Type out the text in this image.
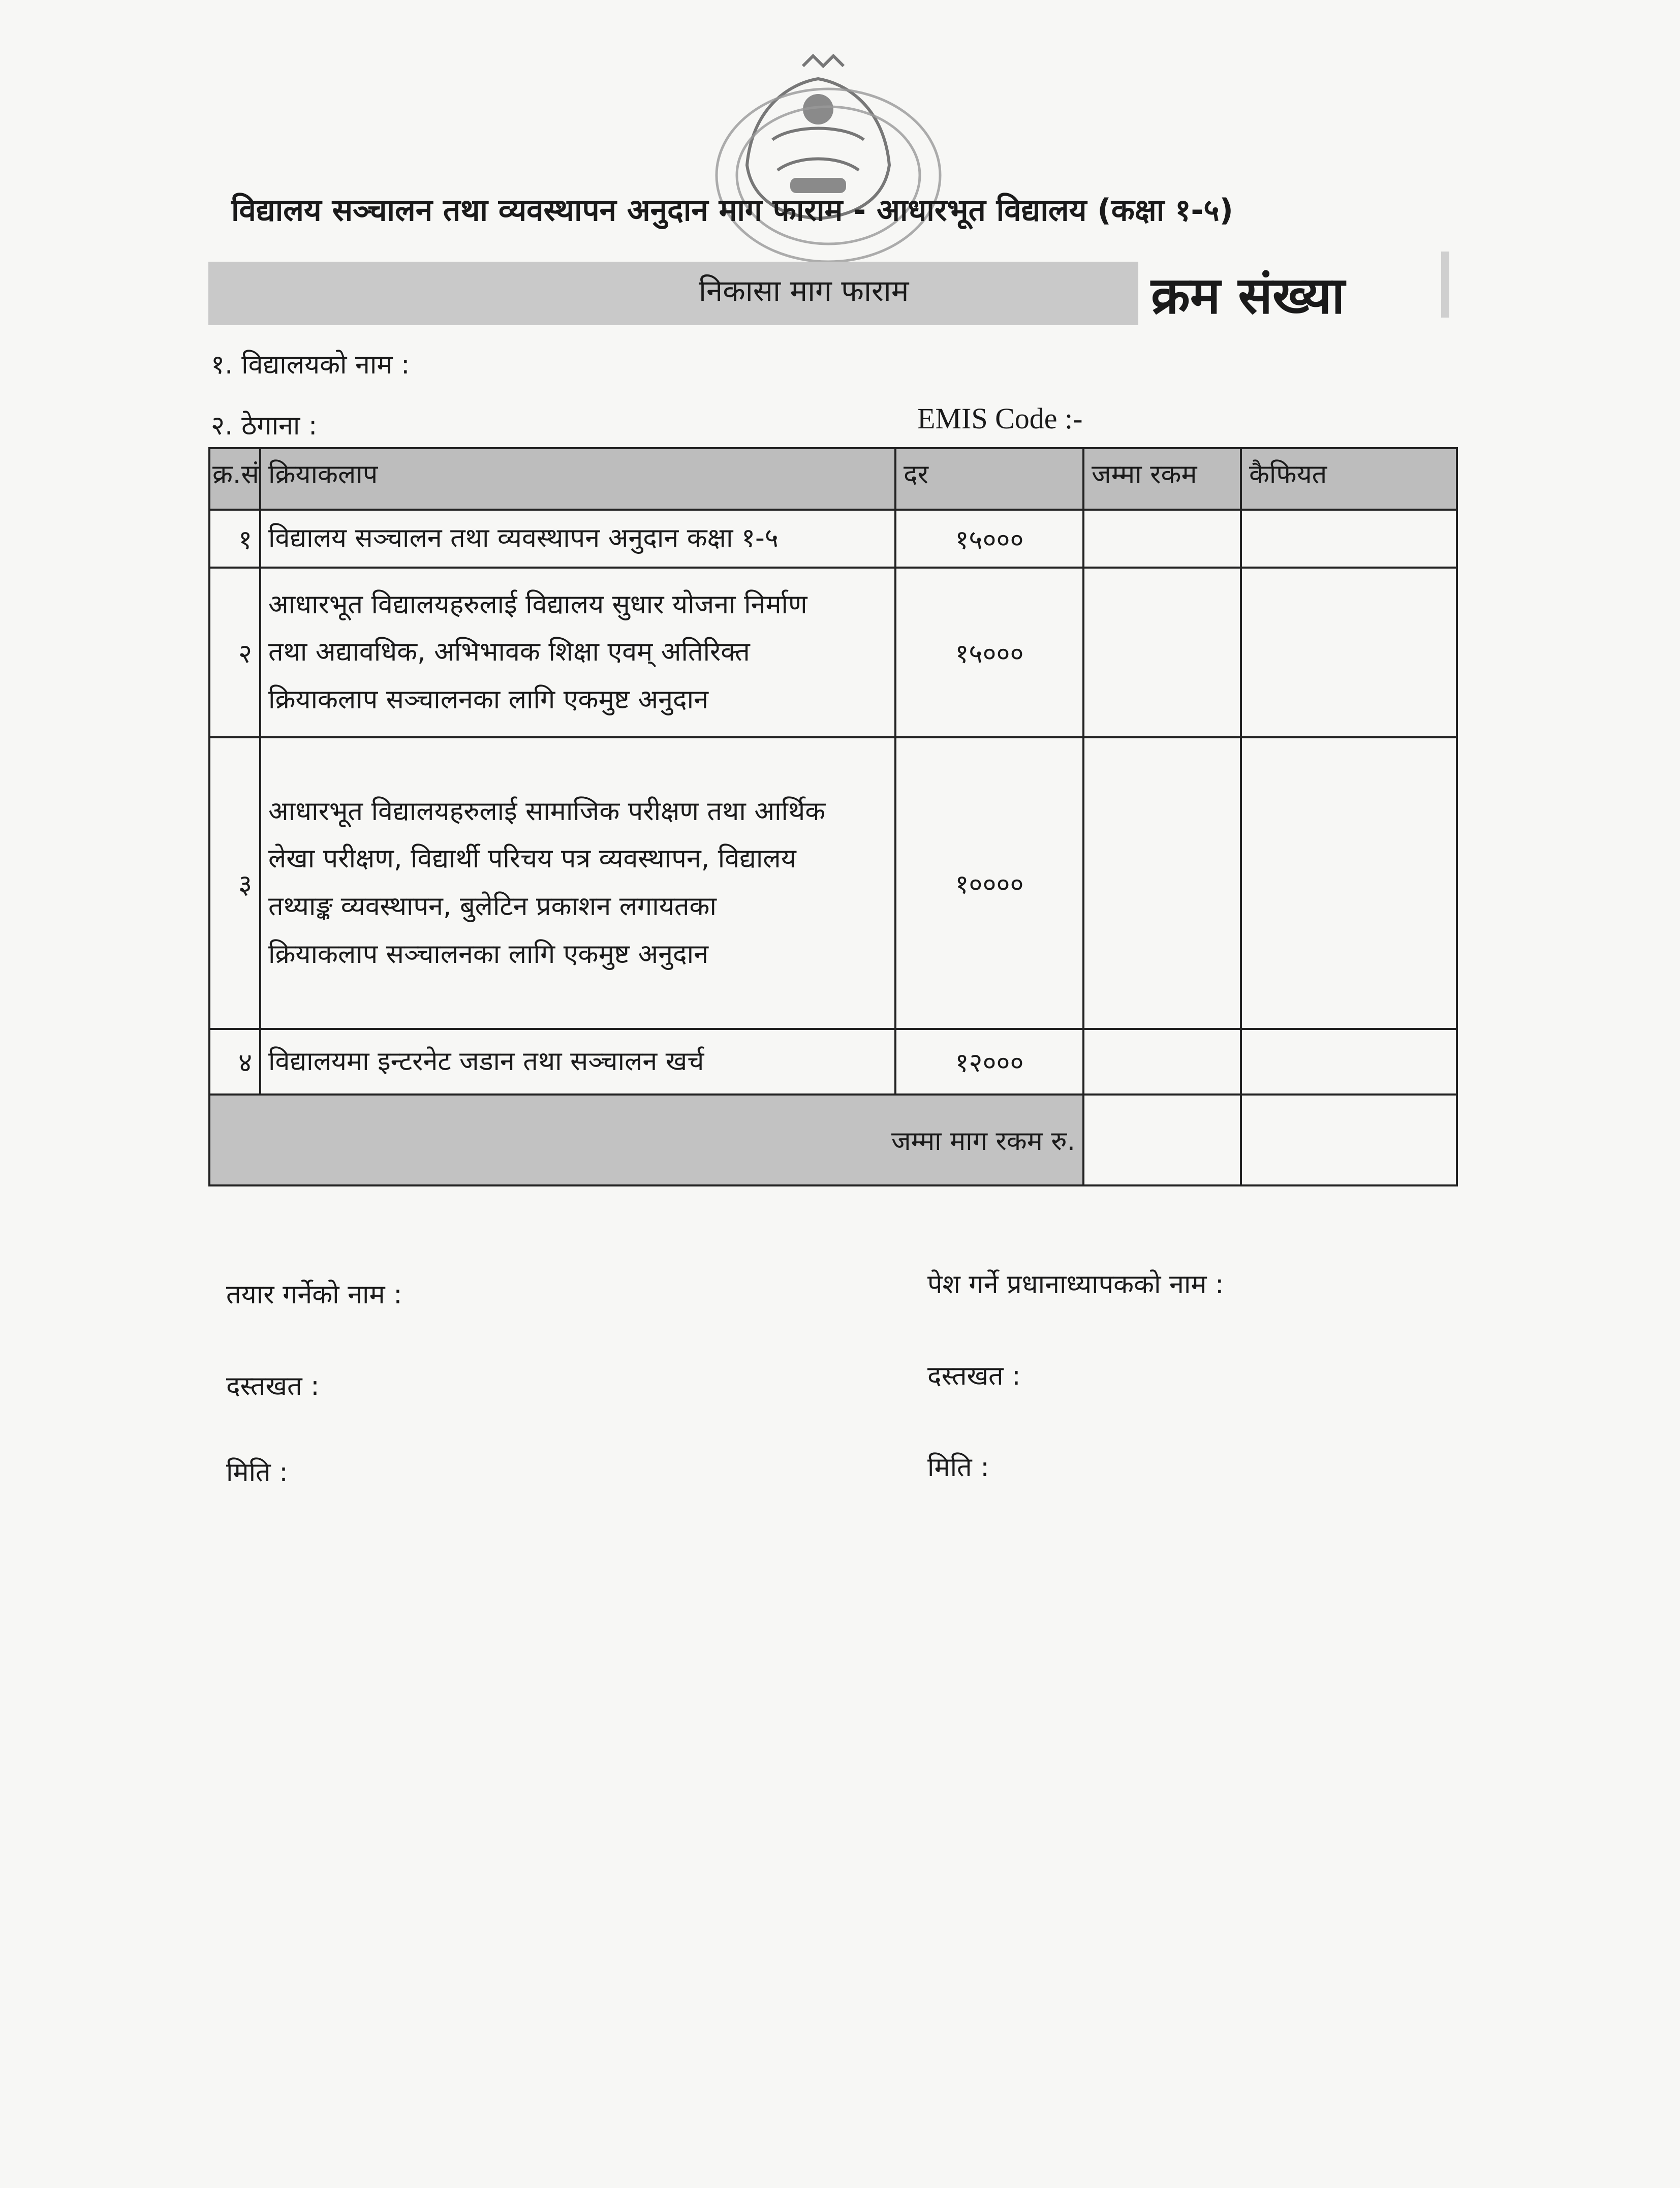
विद्यालय सञ्चालन तथा व्यवस्थापन अनुदान माग फाराम - आधारभूत विद्यालय (कक्षा १-५)
निकासा माग फाराम	क्रम संख्या
१. विद्यालयको नाम :
२. ठेगाना :	EMIS Code :-
क्र.सं	क्रियाकलाप	दर	जम्मा रकम	कैफियत
१	विद्यालय सञ्चालन तथा व्यवस्थापन अनुदान कक्षा १-५	१५०००		
२	आधारभूत विद्यालयहरुलाई विद्यालय सुधार योजना निर्माण
तथा अद्यावधिक, अभिभावक शिक्षा एवम् अतिरिक्त
क्रियाकलाप सञ्चालनका लागि एकमुष्ट अनुदान	१५०००		
३	आधारभूत विद्यालयहरुलाई सामाजिक परीक्षण तथा आर्थिक
लेखा परीक्षण, विद्यार्थी परिचय पत्र व्यवस्थापन, विद्यालय
तथ्याङ्क व्यवस्थापन, बुलेटिन प्रकाशन लगायतका
क्रियाकलाप सञ्चालनका लागि एकमुष्ट अनुदान	१००००		
४	विद्यालयमा इन्टरनेट जडान तथा सञ्चालन खर्च	१२०००		
जम्मा माग रकम रु.				
तयार गर्नेको नाम :
दस्तखत :
मिति :
पेश गर्ने प्रधानाध्यापकको नाम :
दस्तखत :
मिति :
